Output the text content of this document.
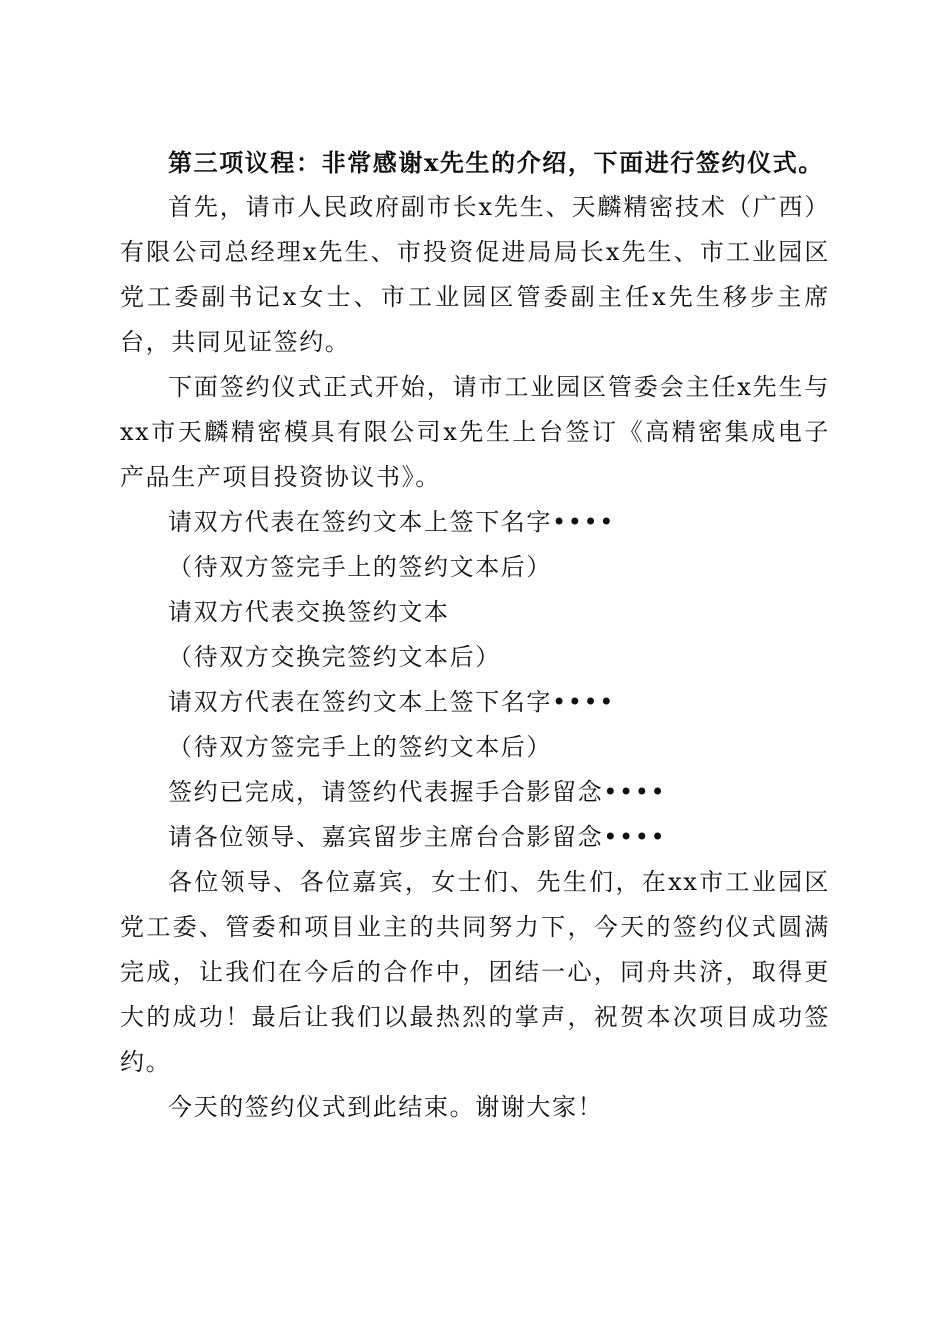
第三项议程：非常感谢x先生的介绍，下面进行签约仪式。

首先，请市人民政府副市长x先生、天麟精密技术（广西）有限公司总经理x先生、市投资促进局局长x先生、市工业园区党工委副书记x女士、市工业园区管委副主任x先生移步主席台，共同见证签约。

下面签约仪式正式开始，请市工业园区管委会主任x先生与xx市天麟精密模具有限公司x先生上台签订《高精密集成电子产品生产项目投资协议书》。

请双方代表在签约文本上签下名字••••

（待双方签完手上的签约文本后）

请双方代表交换签约文本

（待双方交换完签约文本后）

请双方代表在签约文本上签下名字••••

（待双方签完手上的签约文本后）

签约已完成，请签约代表握手合影留念••••

请各位领导、嘉宾留步主席台合影留念••••

各位领导、各位嘉宾，女士们、先生们，在xx市工业园区党工委、管委和项目业主的共同努力下，今天的签约仪式圆满完成，让我们在今后的合作中，团结一心，同舟共济，取得更大的成功！最后让我们以最热烈的掌声，祝贺本次项目成功签约。

今天的签约仪式到此结束。谢谢大家！
